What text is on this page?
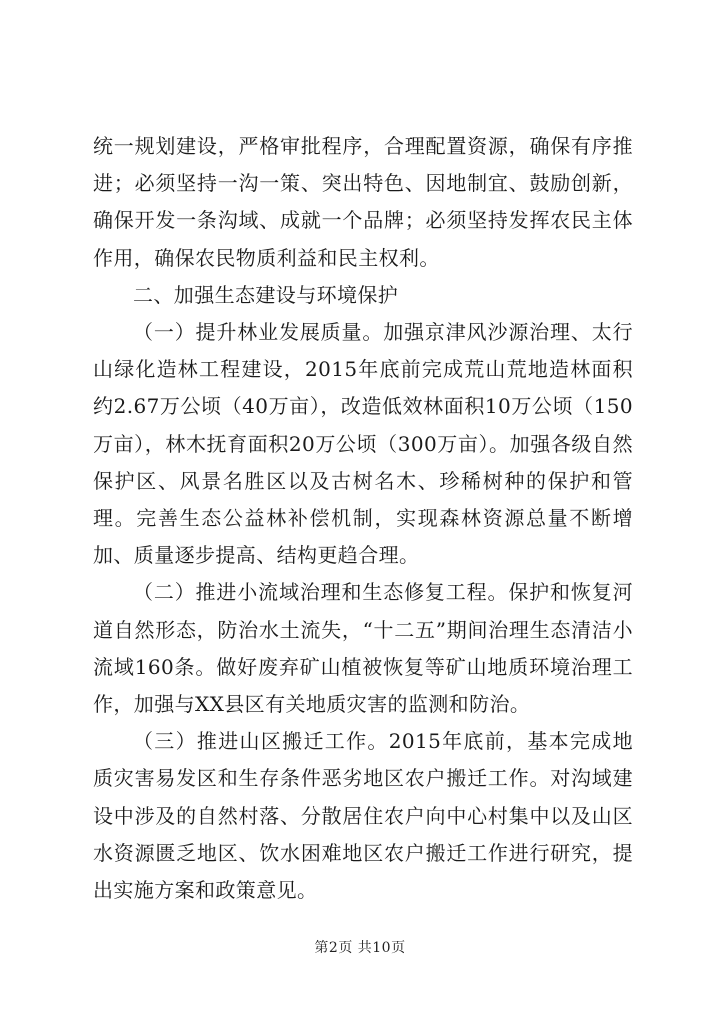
统一规划建设，严格审批程序，合理配置资源，确保有序推进；必须坚持一沟一策、突出特色、因地制宜、鼓励创新，确保开发一条沟域、成就一个品牌；必须坚持发挥农民主体作用，确保农民物质利益和民主权利。

二、加强生态建设与环境保护

（一）提升林业发展质量。加强京津风沙源治理、太行山绿化造林工程建设，2015年底前完成荒山荒地造林面积约2.67万公顷（40万亩），改造低效林面积10万公顷（150万亩），林木抚育面积20万公顷（300万亩）。加强各级自然保护区、风景名胜区以及古树名木、珍稀树种的保护和管理。完善生态公益林补偿机制，实现森林资源总量不断增加、质量逐步提高、结构更趋合理。

（二）推进小流域治理和生态修复工程。保护和恢复河道自然形态，防治水土流失，“十二五”期间治理生态清洁小流域160条。做好废弃矿山植被恢复等矿山地质环境治理工作，加强与XX县区有关地质灾害的监测和防治。

（三）推进山区搬迁工作。2015年底前，基本完成地质灾害易发区和生存条件恶劣地区农户搬迁工作。对沟域建设中涉及的自然村落、分散居住农户向中心村集中以及山区水资源匮乏地区、饮水困难地区农户搬迁工作进行研究，提出实施方案和政策意见。

第2页 共10页
